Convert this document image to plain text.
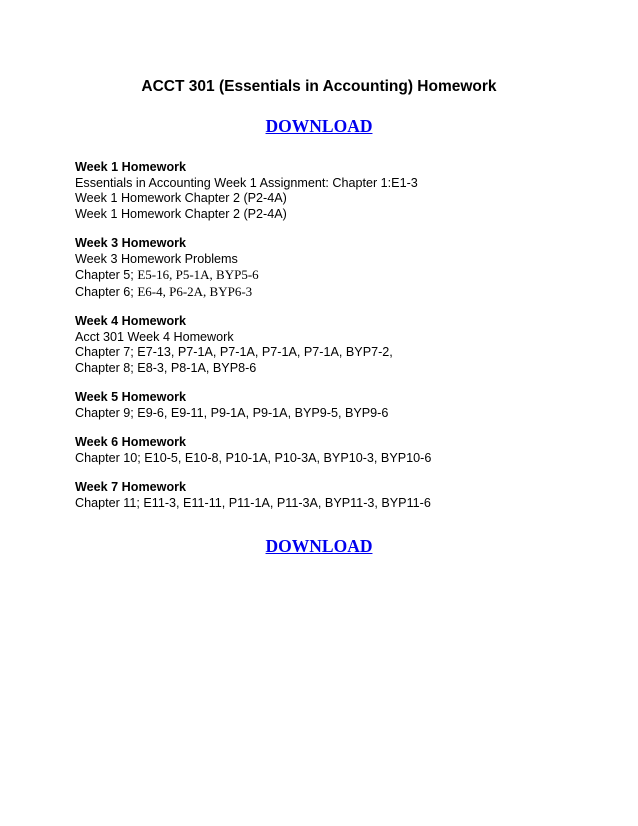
ACCT 301 (Essentials in Accounting) Homework
DOWNLOAD
Week 1 Homework
Essentials in Accounting Week 1 Assignment: Chapter 1:E1-3
Week 1 Homework Chapter 2 (P2-4A)
Week 1 Homework Chapter 2 (P2-4A)
Week 3 Homework
Week 3 Homework Problems
Chapter 5; E5-16, P5-1A, BYP5-6
Chapter 6; E6-4, P6-2A, BYP6-3
Week 4 Homework
Acct 301 Week 4 Homework
Chapter 7; E7-13, P7-1A, P7-1A, P7-1A, P7-1A, BYP7-2,
Chapter 8; E8-3, P8-1A, BYP8-6
Week 5 Homework
Chapter 9; E9-6, E9-11, P9-1A, P9-1A, BYP9-5, BYP9-6
Week 6 Homework
Chapter 10; E10-5, E10-8, P10-1A, P10-3A, BYP10-3, BYP10-6
Week 7 Homework
Chapter 11; E11-3, E11-11, P11-1A, P11-3A, BYP11-3, BYP11-6
DOWNLOAD
